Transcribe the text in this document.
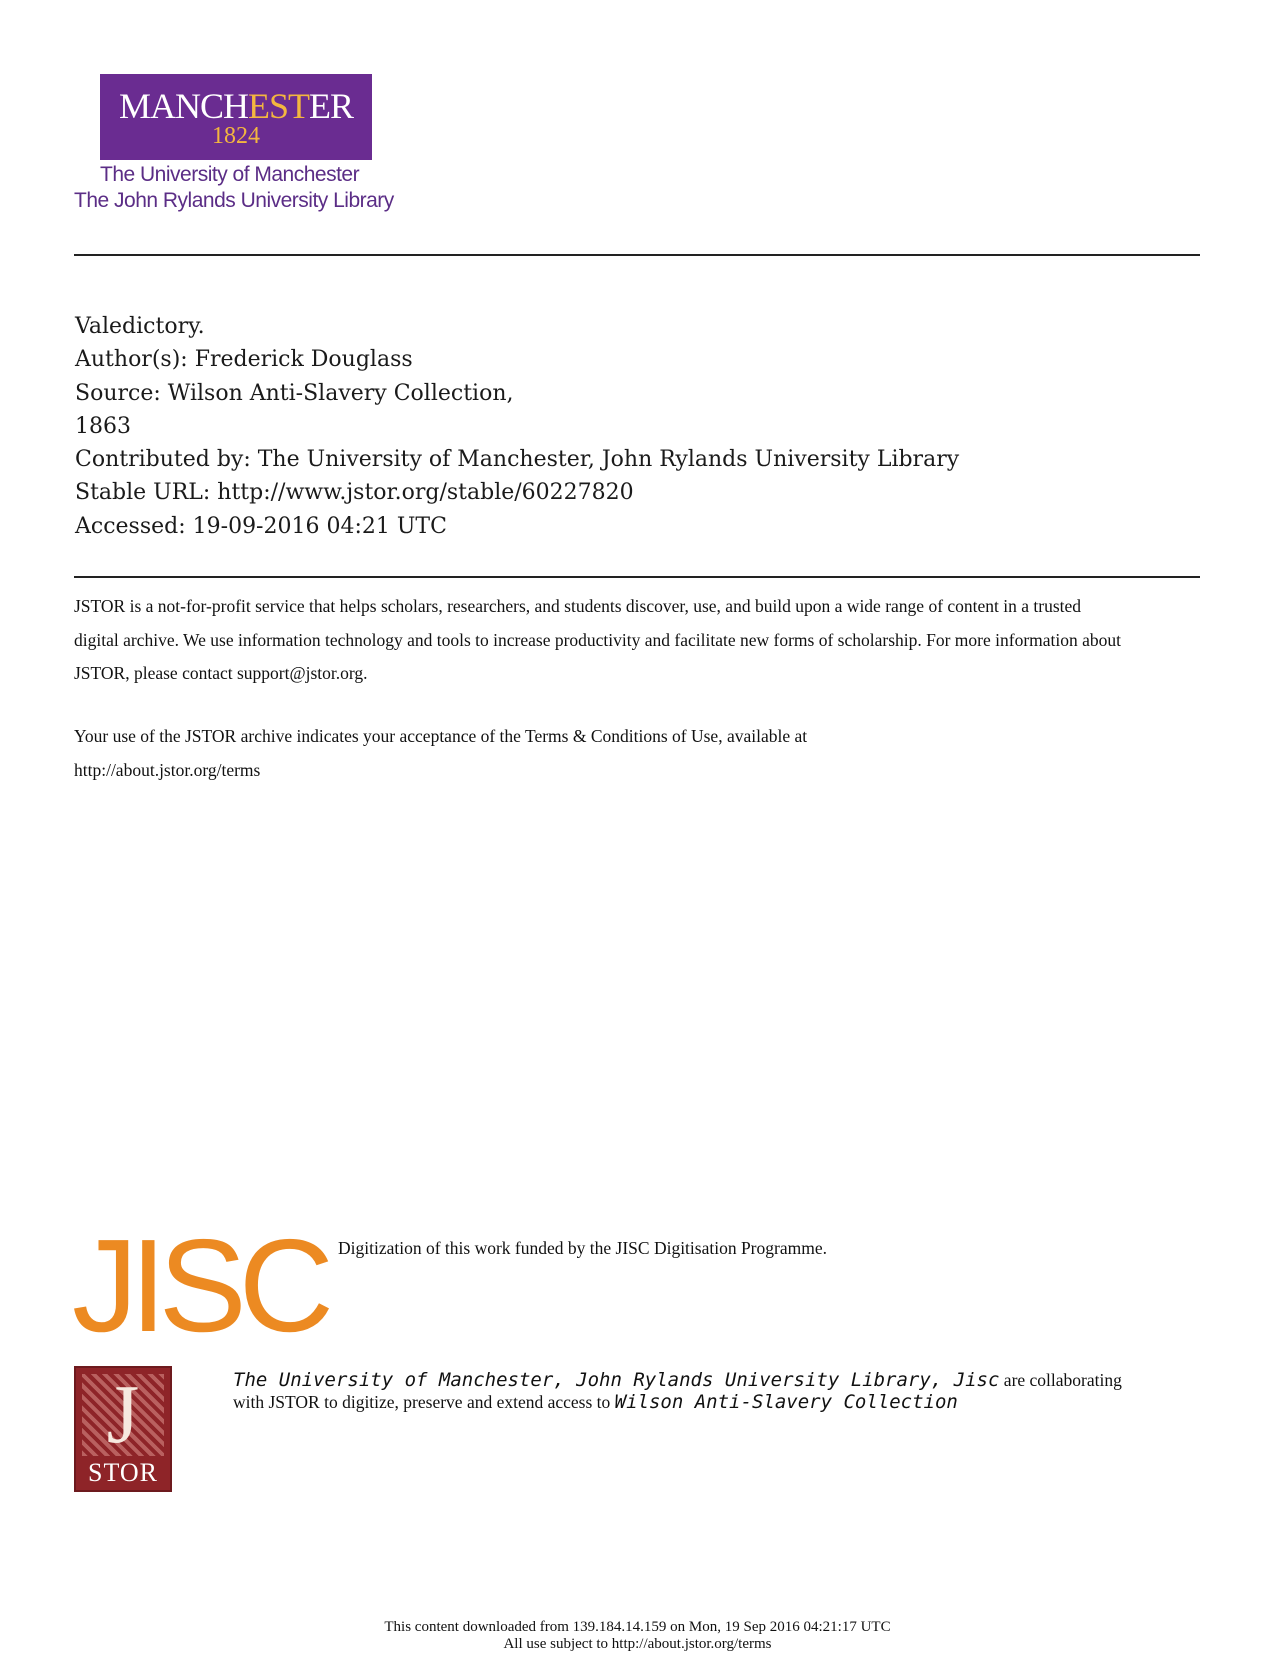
MANCHESTER
1824
The University of Manchester
The John Rylands University Library
Valedictory.
Author(s): Frederick Douglass
Source: Wilson Anti-Slavery Collection,
1863
Contributed by: The University of Manchester, John Rylands University Library
Stable URL: http://www.jstor.org/stable/60227820
Accessed: 19-09-2016 04:21 UTC
JSTOR is a not-for-profit service that helps scholars, researchers, and students discover, use, and build upon a wide range of content in a trusted
digital archive. We use information technology and tools to increase productivity and facilitate new forms of scholarship. For more information about
JSTOR, please contact support@jstor.org.
Your use of the JSTOR archive indicates your acceptance of the Terms & Conditions of Use, available at
http://about.jstor.org/terms
JISC Digitization of this work funded by the JISC Digitisation Programme.
J
STOR
The University of Manchester, John Rylands University Library, Jisc are collaborating
with JSTOR to digitize, preserve and extend access to Wilson Anti-Slavery Collection
This content downloaded from 139.184.14.159 on Mon, 19 Sep 2016 04:21:17 UTC
All use subject to http://about.jstor.org/terms
